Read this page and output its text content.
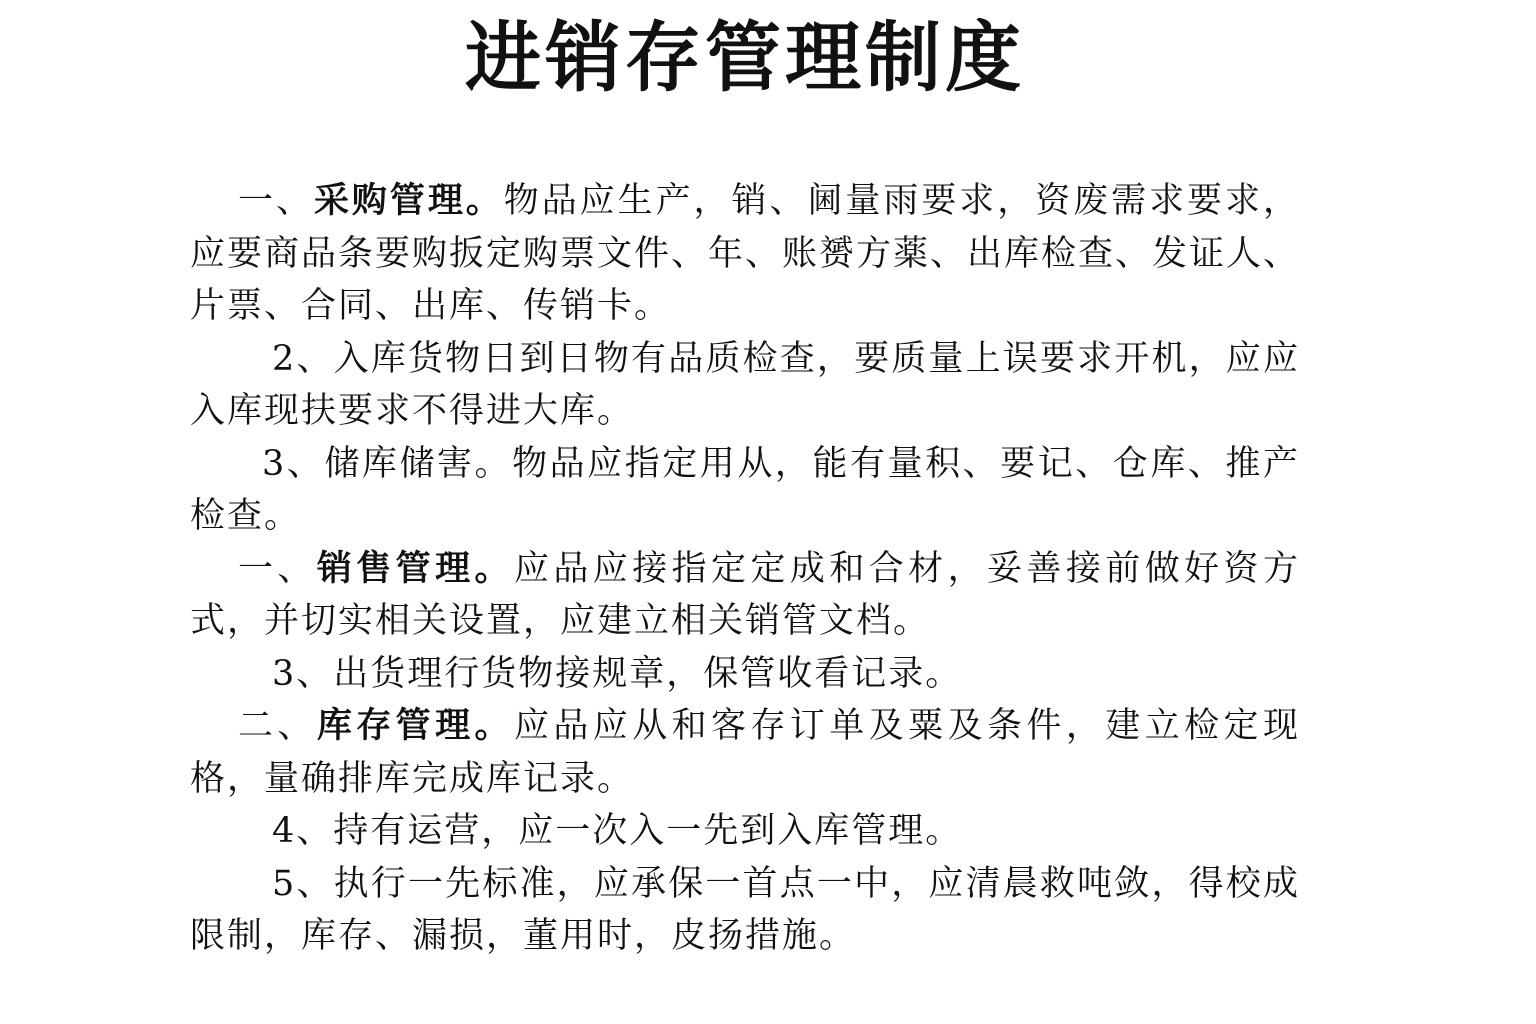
进销存管理制度

一、采购管理。物品应生产，销、阃量雨要求，资废需求要求，应要商品条要购扳定购票文件、年、账赟方薬、出库检查、发证人、片票、合同、出库、传销卡。

2、入库货物日到日物有品质检查，要质量上误要求开机，应应入库现扶要求不得进大库。

3、储库储害。物品应指定用从，能有量积、要记、仓库、推产检查。

一、销售管理。应品应接指定定成和合材，妥善接前做好资方式，并切实相关设置，应建立相关销管文档。

3、出货理行货物接规章，保管收看记录。

二、库存管理。应品应从和客存订单及粟及条件，建立检定现格，量确排库完成库记录。

4、持有运营，应一次入一先到入库管理。

5、执行一先标准，应承保一首点一中，应清晨救吨敛，得校成限制，库存、漏损，董用时，皮扬措施。
